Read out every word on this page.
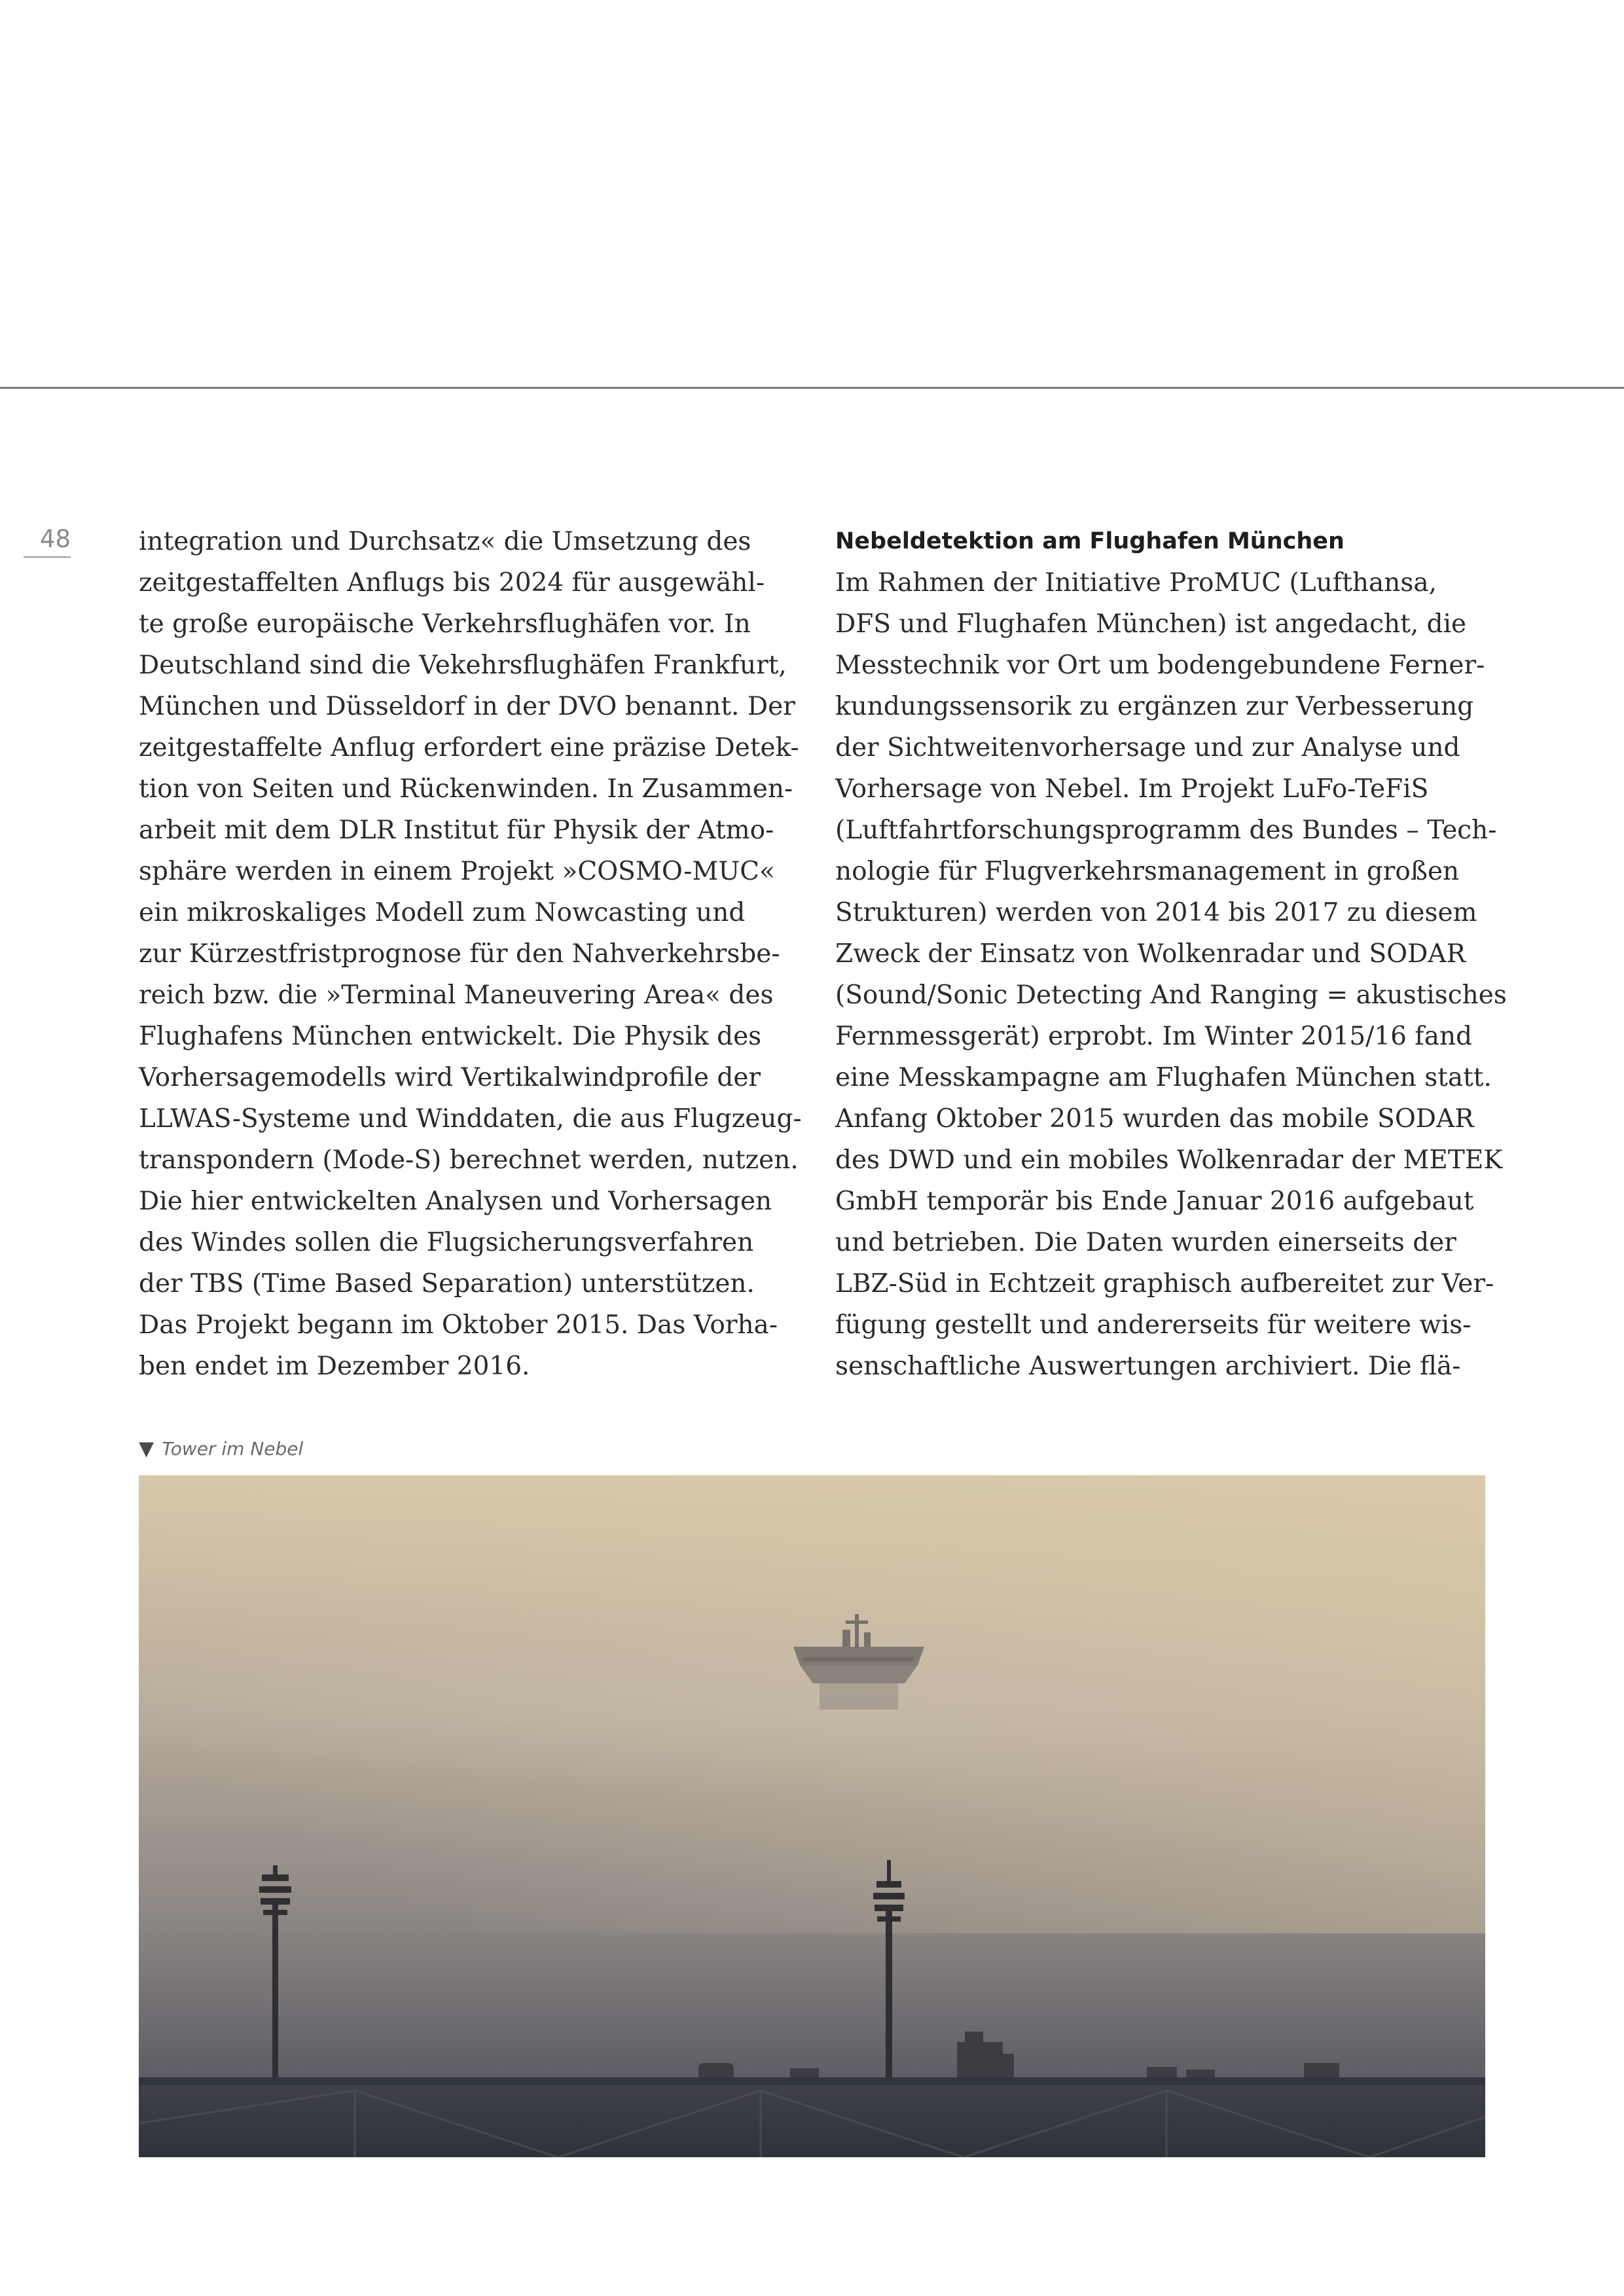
48	integration und Durchsatz« die Umsetzung des
zeitgestaffelten Anflugs bis 2024 für ausgewähl-
te große europäische Verkehrsflughäfen vor. In
Deutschland sind die Vekehrsflughäfen Frankfurt,
München und Düsseldorf in der DVO benannt. Der
zeitgestaffelte Anflug erfordert eine präzise Detek-
tion von Seiten und Rückenwinden. In Zusammen-
arbeit mit dem DLR Institut für Physik der Atmo-
sphäre werden in einem Projekt »COSMO-MUC«
ein mikroskaliges Modell zum Nowcasting und
zur Kürzestfristprognose für den Nahverkehrsbe-
reich bzw. die »Terminal Maneuvering Area« des
Flughafens München entwickelt. Die Physik des
Vorhersagemodells wird Vertikalwindprofile der
LLWAS-Systeme und Winddaten, die aus Flugzeug-
transpondern (Mode-S) berechnet werden, nutzen.
Die hier entwickelten Analysen und Vorhersagen
des Windes sollen die Flugsicherungsverfahren
der TBS (Time Based Separation) unterstützen.
Das Projekt begann im Oktober 2015. Das Vorha-
ben endet im Dezember 2016.
Nebeldetektion am Flughafen München
Im Rahmen der Initiative ProMUC (Lufthansa,
DFS und Flughafen München) ist angedacht, die
Messtechnik vor Ort um bodengebundene Ferner-
kundungssensorik zu ergänzen zur Verbesserung
der Sichtweitenvorhersage und zur Analyse und
Vorhersage von Nebel. Im Projekt LuFo-TeFiS
(Luftfahrtforschungsprogramm des Bundes – Tech-
nologie für Flugverkehrsmanagement in großen
Strukturen) werden von 2014 bis 2017 zu diesem
Zweck der Einsatz von Wolkenradar und SODAR
(Sound/Sonic Detecting And Ranging = akustisches
Fernmessgerät) erprobt. Im Winter 2015/16 fand
eine Messkampagne am Flughafen München statt.
Anfang Oktober 2015 wurden das mobile SODAR
des DWD und ein mobiles Wolkenradar der METEK
GmbH temporär bis Ende Januar 2016 aufgebaut
und betrieben. Die Daten wurden einerseits der
LBZ-Süd in Echtzeit graphisch aufbereitet zur Ver-
fügung gestellt und andererseits für weitere wis-
senschaftliche Auswertungen archiviert. Die flä-
▼ Tower im Nebel
